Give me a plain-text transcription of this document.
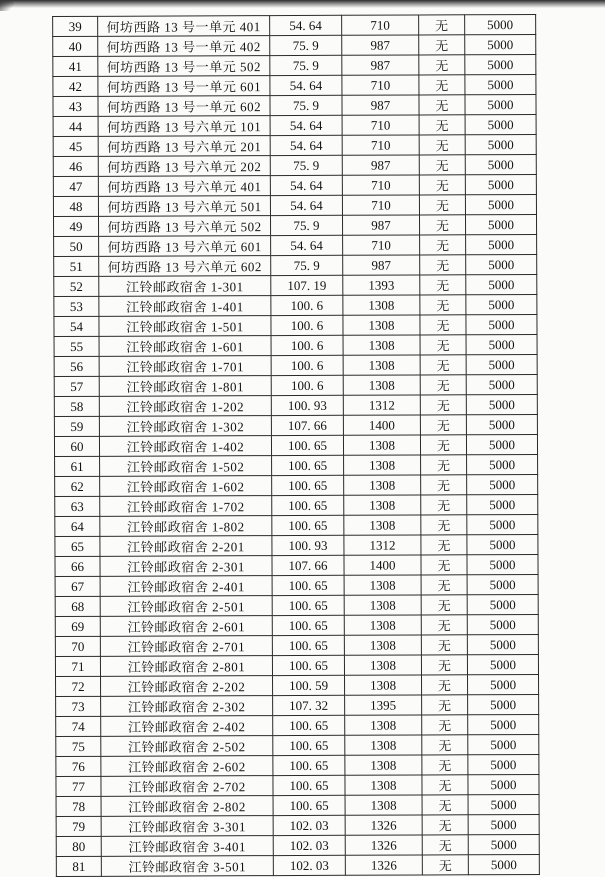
39	何坊西路 13 号一单元 401	54. 64	710	无	5000
40	何坊西路 13 号一单元 402	75. 9	987	无	5000
41	何坊西路 13 号一单元 502	75. 9	987	无	5000
42	何坊西路 13 号一单元 601	54. 64	710	无	5000
43	何坊西路 13 号一单元 602	75. 9	987	无	5000
44	何坊西路 13 号六单元 101	54. 64	710	无	5000
45	何坊西路 13 号六单元 201	54. 64	710	无	5000
46	何坊西路 13 号六单元 202	75. 9	987	无	5000
47	何坊西路 13 号六单元 401	54. 64	710	无	5000
48	何坊西路 13 号六单元 501	54. 64	710	无	5000
49	何坊西路 13 号六单元 502	75. 9	987	无	5000
50	何坊西路 13 号六单元 601	54. 64	710	无	5000
51	何坊西路 13 号六单元 602	75. 9	987	无	5000
52	江铃邮政宿舍 1-301	107. 19	1393	无	5000
53	江铃邮政宿舍 1-401	100. 6	1308	无	5000
54	江铃邮政宿舍 1-501	100. 6	1308	无	5000
55	江铃邮政宿舍 1-601	100. 6	1308	无	5000
56	江铃邮政宿舍 1-701	100. 6	1308	无	5000
57	江铃邮政宿舍 1-801	100. 6	1308	无	5000
58	江铃邮政宿舍 1-202	100. 93	1312	无	5000
59	江铃邮政宿舍 1-302	107. 66	1400	无	5000
60	江铃邮政宿舍 1-402	100. 65	1308	无	5000
61	江铃邮政宿舍 1-502	100. 65	1308	无	5000
62	江铃邮政宿舍 1-602	100. 65	1308	无	5000
63	江铃邮政宿舍 1-702	100. 65	1308	无	5000
64	江铃邮政宿舍 1-802	100. 65	1308	无	5000
65	江铃邮政宿舍 2-201	100. 93	1312	无	5000
66	江铃邮政宿舍 2-301	107. 66	1400	无	5000
67	江铃邮政宿舍 2-401	100. 65	1308	无	5000
68	江铃邮政宿舍 2-501	100. 65	1308	无	5000
69	江铃邮政宿舍 2-601	100. 65	1308	无	5000
70	江铃邮政宿舍 2-701	100. 65	1308	无	5000
71	江铃邮政宿舍 2-801	100. 65	1308	无	5000
72	江铃邮政宿舍 2-202	100. 59	1308	无	5000
73	江铃邮政宿舍 2-302	107. 32	1395	无	5000
74	江铃邮政宿舍 2-402	100. 65	1308	无	5000
75	江铃邮政宿舍 2-502	100. 65	1308	无	5000
76	江铃邮政宿舍 2-602	100. 65	1308	无	5000
77	江铃邮政宿舍 2-702	100. 65	1308	无	5000
78	江铃邮政宿舍 2-802	100. 65	1308	无	5000
79	江铃邮政宿舍 3-301	102. 03	1326	无	5000
80	江铃邮政宿舍 3-401	102. 03	1326	无	5000
81	江铃邮政宿舍 3-501	102. 03	1326	无	5000
